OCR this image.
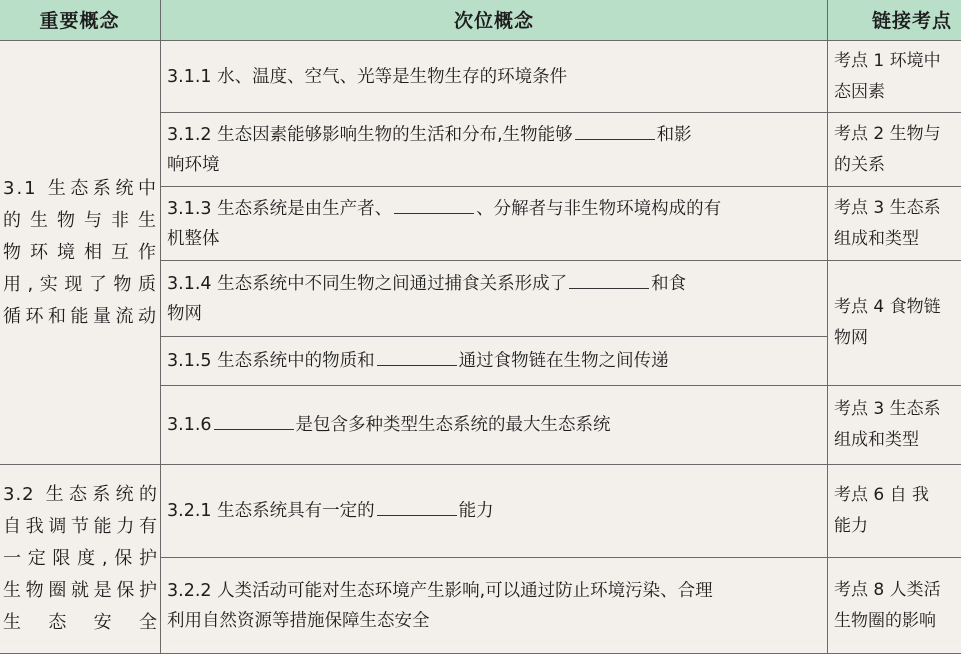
重要概念	次位概念	链接考点

3.1 生态系统中
的生物与非生
物环境相互作
用,实现了物质
循环和能量流动	3.1.1 水、温度、空气、光等是生物生存的环境条件	考点 1 环境中
态因素

	3.1.2 生态因素能够影响生物的生活和分布,生物能够 和影
响环境	考点 2 生物与
的关系

	3.1.3 生态系统是由生产者、 、分解者与非生物环境构成的有
机整体	考点 3 生态系
组成和类型

	3.1.4 生态系统中不同生物之间通过捕食关系形成了 和食
物网	考点 4 食物链
物网

	3.1.5 生态系统中的物质和 通过食物链在生物之间传递	

	3.1.6 是包含多种类型生态系统的最大生态系统	考点 3 生态系
组成和类型

3.2 生态系统的
自我调节能力有
一定限度,保护
生物圈就是保护
生态安全	3.2.1 生态系统具有一定的 能力	考点 6 自 我
能力

	3.2.2 人类活动可能对生态环境产生影响,可以通过防止环境污染、合理
利用自然资源等措施保障生态安全	考点 8 人类活
生物圈的影响
